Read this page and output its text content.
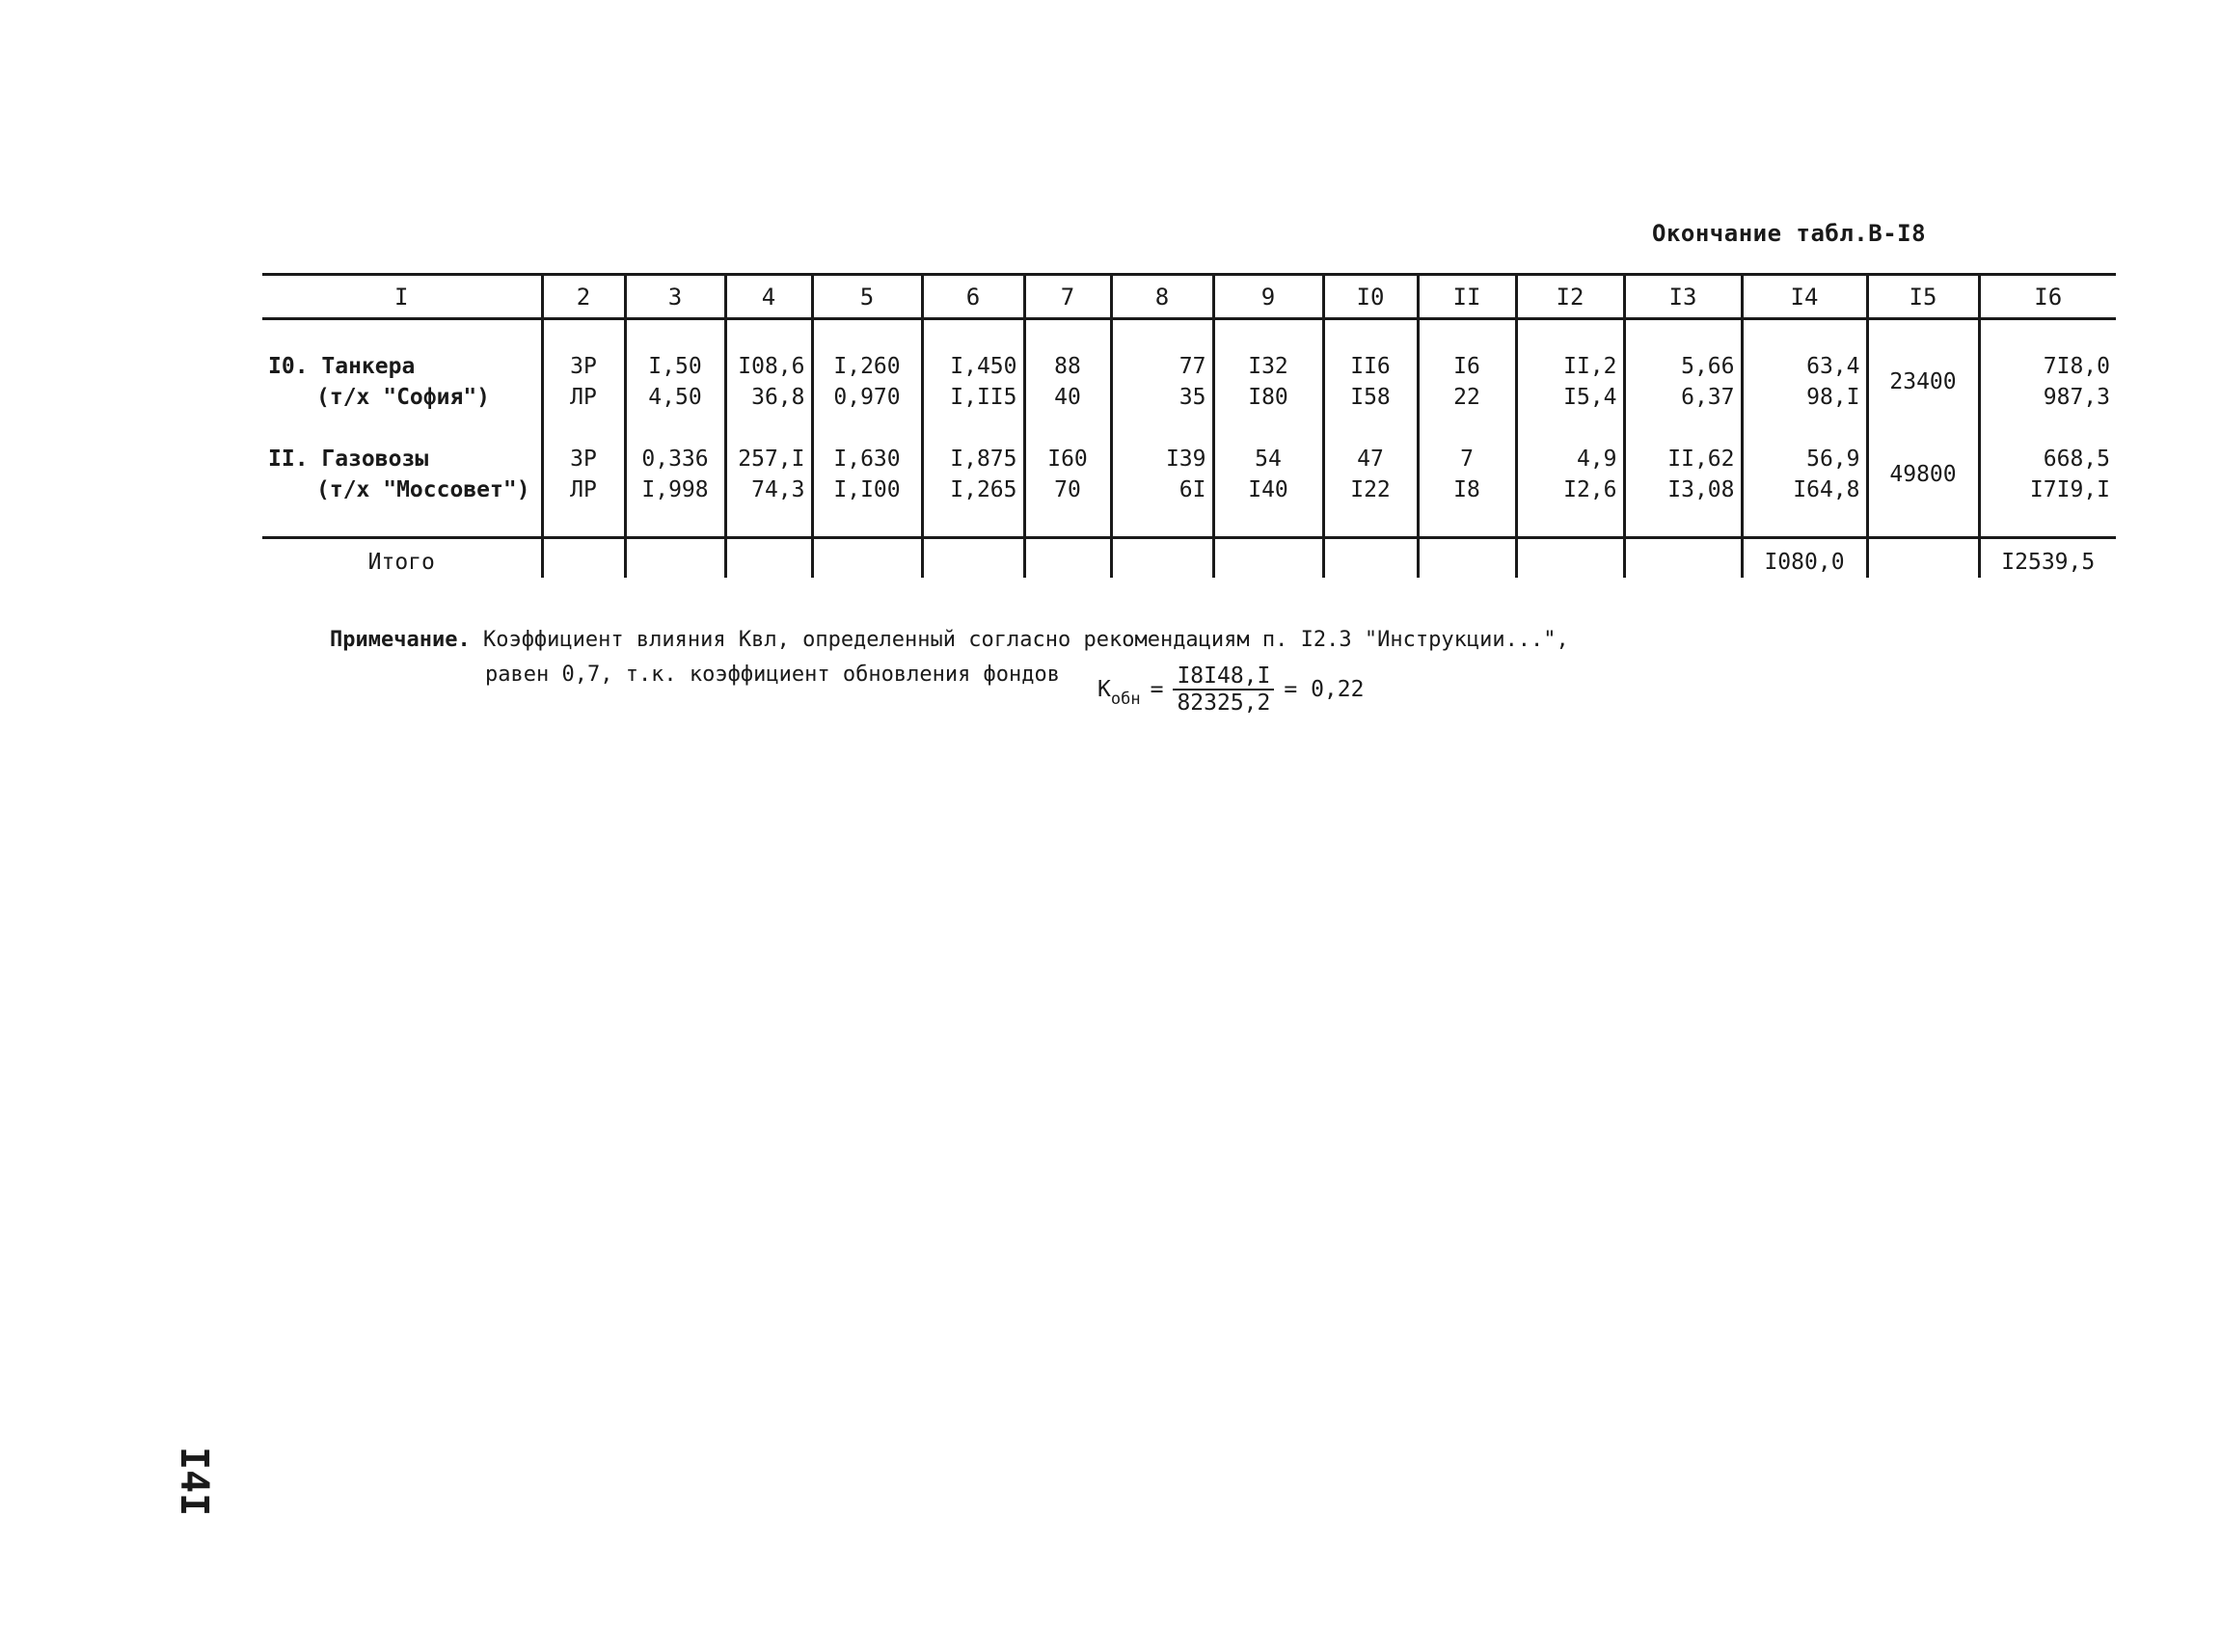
Окончание табл.В-I8
I	2	3	4	5	6	7	8	9	I0	II	I2	I3	I4	I5	I6

I0. Танкера	ЗР	I,50	I08,6	I,260	I,450	88	77	I32	II6	I6	II,2	5,66	63,4	23400	7I8,0
(т/х "София")	ЛР	4,50	36,8	0,970	I,II5	40	35	I80	I58	22	I5,4	6,37	98,I		987,3

II. Газовозы	ЗР	0,336	257,I	I,630	I,875	I60	I39	54	47	7	4,9	II,62	56,9	49800	668,5
(т/х "Моссовет")	ЛР	I,998	74,3	I,I00	I,265	70	6I	I40	I22	I8	I2,6	I3,08	I64,8		I7I9,I

Итого													I080,0		I2539,5
Примечание. Коэффициент влияния Квл, определенный согласно рекомендациям п. I2.3 "Инструкции...",
равен 0,7, т.к. коэффициент обновления фондов
К обн = $\frac{I8I48,I}{82325,2} = 0,22$
I4I
